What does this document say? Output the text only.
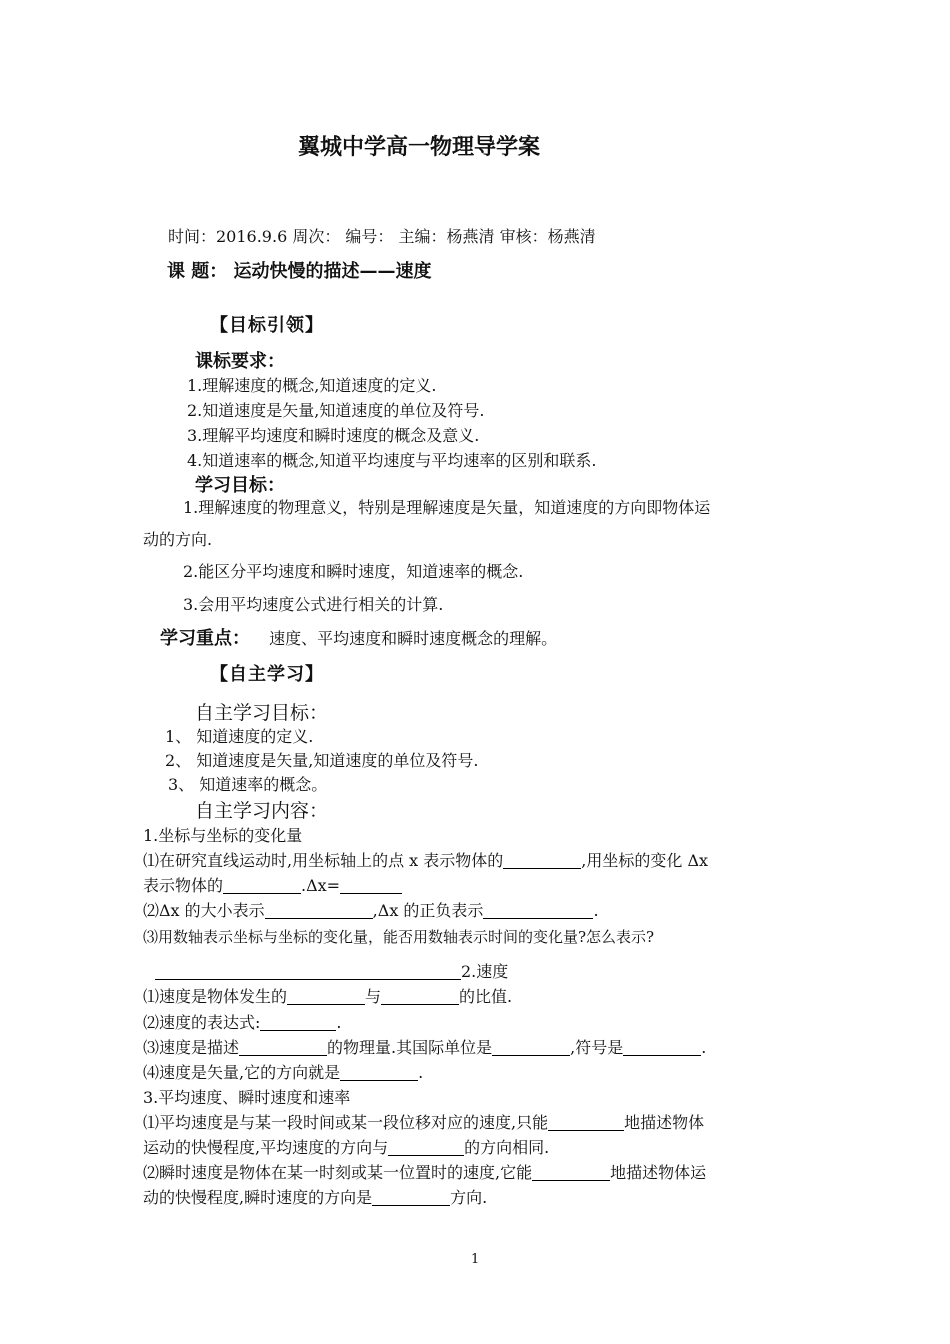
翼城中学高一物理导学案
时间：2016.9.6 周次： 编号： 主编：杨燕清 审核：杨燕清
课 题： 运动快慢的描述——速度
【目标引领】
课标要求：
1.理解速度的概念,知道速度的定义.
2.知道速度是矢量,知道速度的单位及符号.
3.理解平均速度和瞬时速度的概念及意义.
4.知道速率的概念,知道平均速度与平均速率的区别和联系.
学习目标：
1.理解速度的物理意义，特别是理解速度是矢量，知道速度的方向即物体运
动的方向.
2.能区分平均速度和瞬时速度，知道速率的概念.
3.会用平均速度公式进行相关的计算.
学习重点： 速度、平均速度和瞬时速度概念的理解。
【自主学习】
自主学习目标：
1、 知道速度的定义.
2、 知道速度是矢量,知道速度的单位及符号.
3、 知道速率的概念。
自主学习内容：
1.坐标与坐标的变化量
⑴在研究直线运动时,用坐标轴上的点 x 表示物体的	,用坐标的变化 Δx
表示物体的	.Δx=
⑵Δx 的大小表示	,Δx 的正负表示	.
⑶用数轴表示坐标与坐标的变化量，能否用数轴表示时间的变化量?怎么表示?
2.速度
⑴速度是物体发生的	与	的比值.
⑵速度的表达式:	.
⑶速度是描述	的物理量.其国际单位是	,符号是	.
⑷速度是矢量,它的方向就是	.
3.平均速度、瞬时速度和速率
⑴平均速度是与某一段时间或某一段位移对应的速度,只能	地描述物体
运动的快慢程度,平均速度的方向与	的方向相同.
⑵瞬时速度是物体在某一时刻或某一位置时的速度,它能	地描述物体运
动的快慢程度,瞬时速度的方向是	方向.
1
